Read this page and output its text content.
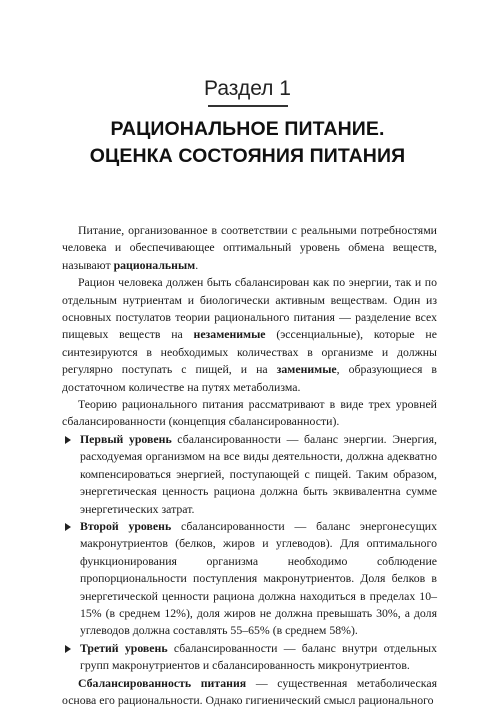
Раздел 1
РАЦИОНАЛЬНОЕ ПИТАНИЕ.
ОЦЕНКА СОСТОЯНИЯ ПИТАНИЯ

Питание, организованное в соответствии с реальными потребностями человека и обеспечивающее оптимальный уровень обмена веществ, называют рациональным.

Рацион человека должен быть сбалансирован как по энергии, так и по отдельным нутриентам и биологически активным веществам. Один из основных постулатов теории рационального питания — разделение всех пищевых веществ на незаменимые (эссенциальные), которые не синтезируются в необходимых количествах в организме и должны регулярно поступать с пищей, и на заменимые, образующиеся в достаточном количестве на путях метаболизма.

Теорию рационального питания рассматривают в виде трех уровней сбалансированности (концепция сбалансированности).

Первый уровень сбалансированности — баланс энергии. Энергия, расходуемая организмом на все виды деятельности, должна адекватно компенсироваться энергией, поступающей с пищей. Таким образом, энергетическая ценность рациона должна быть эквивалентна сумме энергетических затрат.
Второй уровень сбалансированности — баланс энергонесущих макронутриентов (белков, жиров и углеводов). Для оптимального функционирования организма необходимо соблюдение пропорциональности поступления макронутриентов. Доля белков в энергетической ценности рациона должна находиться в пределах 10–15% (в среднем 12%), доля жиров не должна превышать 30%, а доля углеводов должна составлять 55–65% (в среднем 58%).
Третий уровень сбалансированности — баланс внутри отдельных групп макронутриентов и сбалансированность микронутриентов.

Сбалансированность питания — существенная метаболическая основа его рациональности. Однако гигиенический смысл рационального
